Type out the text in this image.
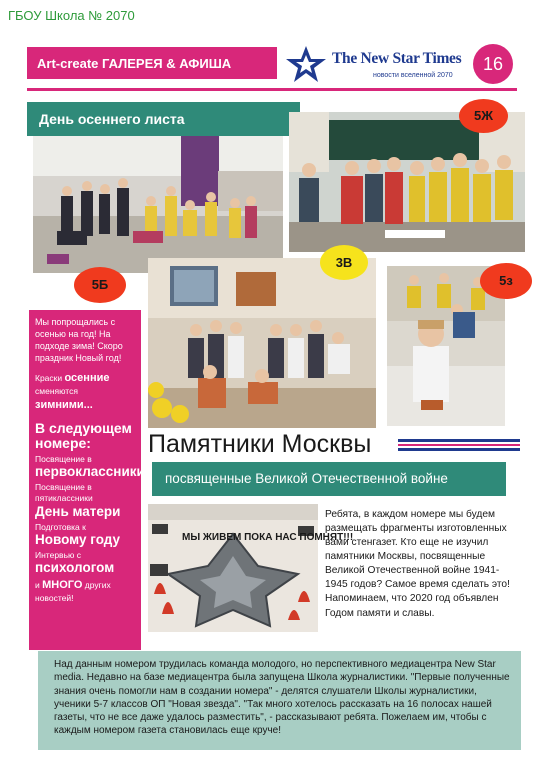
ГБОУ Школа № 2070
Art-create ГАЛЕРЕЯ & АФИША	The New Star Times
новости вселенной 2070
16
День осеннего листа	5Ж
5Б
3В
5з

Мы попрощались с осенью на год! На подходе зима! Скоро праздник Новый год!

Краски осенние сменяются зимними...

В следующем номере:

Посвящение в

первоклассники

Посвящение в пятиклассники

День матери

Подготовка к

Новому году

Интервью с

психологом

и МНОГО других новостей!

Памятники Москвы
посвященные Великой Отечественной войне
МЫ ЖИВЕМ ПОКА НАС ПОМНЯТ!!!
Ребята, в каждом номере мы будем размещать фрагменты изготовленных вами стенгазет. Кто еще не изучил памятники Москвы, посвященные Великой Отечественной войне 1941-1945 годов? Самое время сделать это! Напоминаем, что 2020 год объявлен Годом памяти и славы.
Над данным номером трудилась команда молодого, но перспективного медиацентра New Star media. Недавно на базе медиацентра была запущена Школа журналистики. "Первые полученные знания очень помогли нам в создании номера" - делятся слушатели Школы журналистики, ученики 5-7 классов ОП "Новая звезда". "Так много хотелось рассказать на 16 полосах нашей газеты, что не все даже удалось разместить", - рассказывают ребята. Пожелаем им, чтобы с каждым номером газета становилась еще круче!
